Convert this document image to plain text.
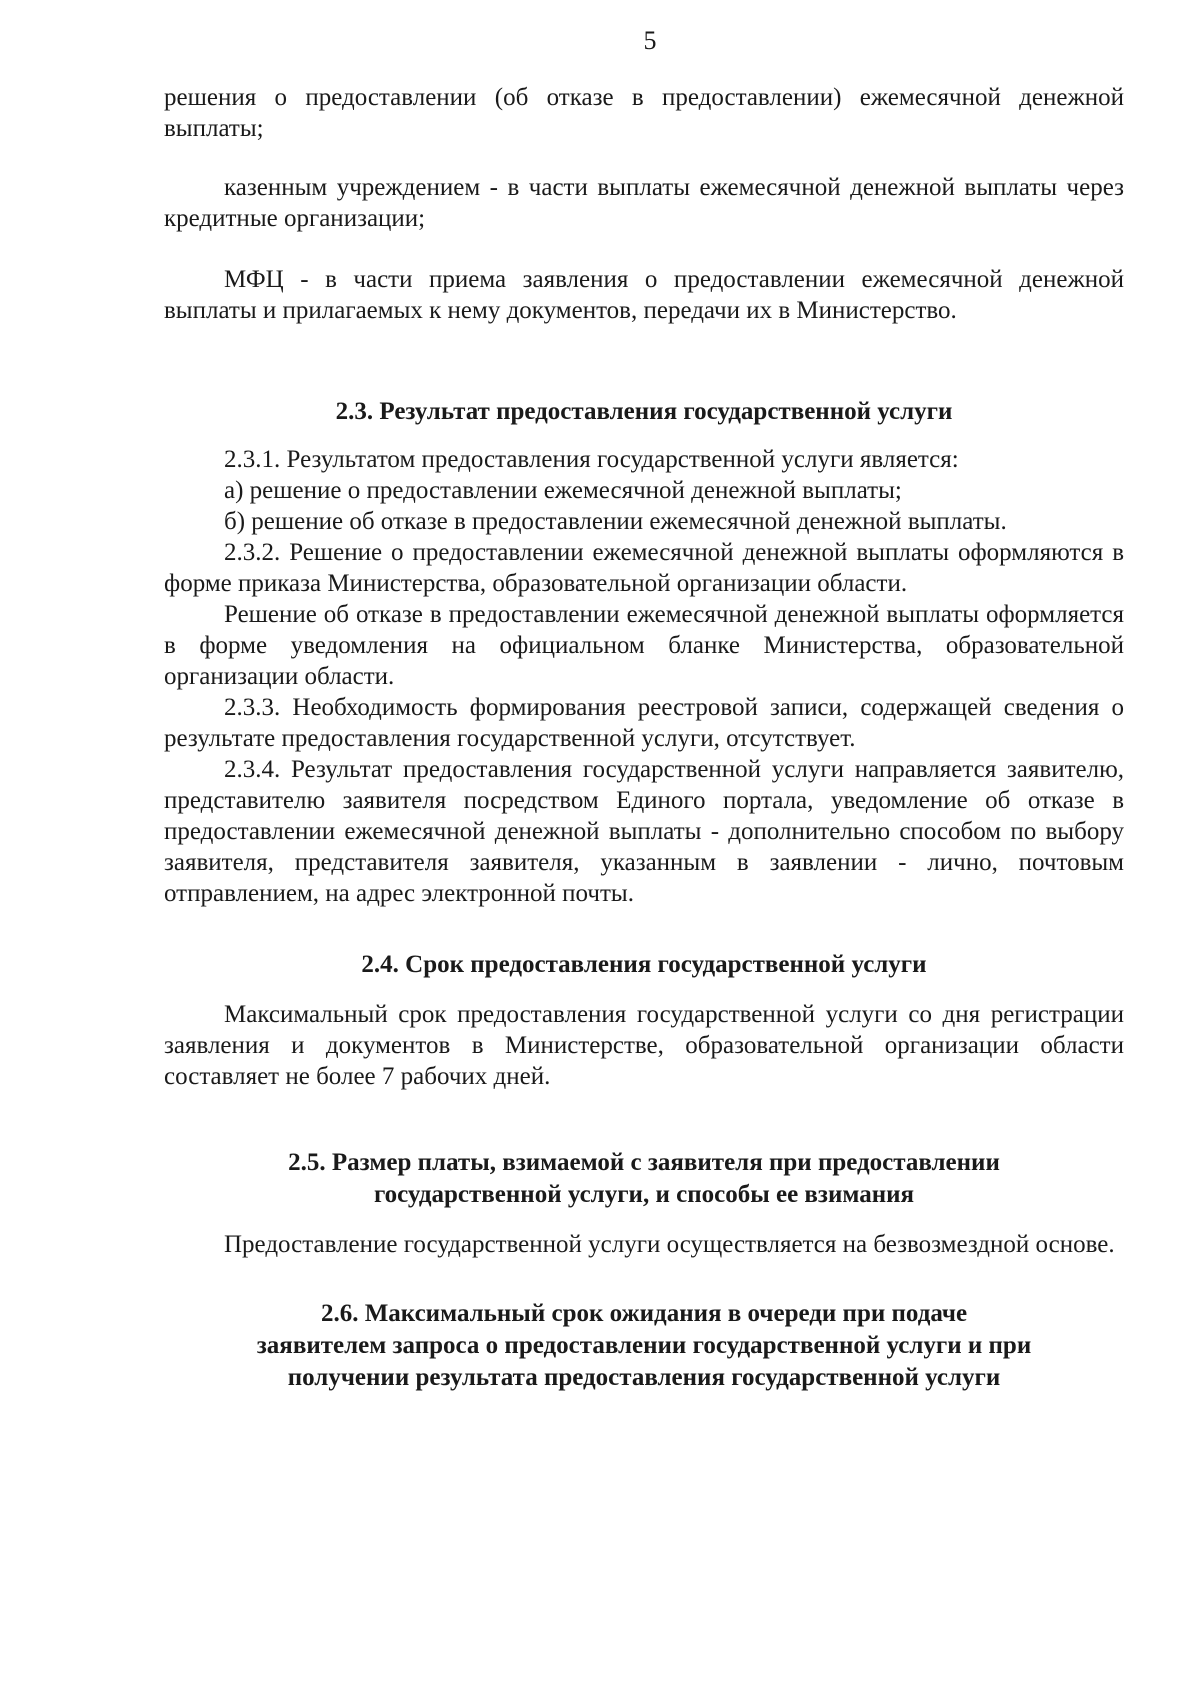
5

решения о предоставлении (об отказе в предоставлении) ежемесячной денежной выплаты;

казенным учреждением - в части выплаты ежемесячной денежной выплаты через кредитные организации;

МФЦ - в части приема заявления о предоставлении ежемесячной денежной выплаты и прилагаемых к нему документов, передачи их в Министерство.

2.3. Результат предоставления государственной услуги

2.3.1. Результатом предоставления государственной услуги является:

а) решение о предоставлении ежемесячной денежной выплаты;

б) решение об отказе в предоставлении ежемесячной денежной выплаты.

2.3.2. Решение о предоставлении ежемесячной денежной выплаты оформляются в форме приказа Министерства, образовательной организации области.

Решение об отказе в предоставлении ежемесячной денежной выплаты оформляется в форме уведомления на официальном бланке Министерства, образовательной организации области.

2.3.3. Необходимость формирования реестровой записи, содержащей сведения о результате предоставления государственной услуги, отсутствует.

2.3.4. Результат предоставления государственной услуги направляется заявителю, представителю заявителя посредством Единого портала, уведомление об отказе в предоставлении ежемесячной денежной выплаты - дополнительно способом по выбору заявителя, представителя заявителя, указанным в заявлении - лично, почтовым отправлением, на адрес электронной почты.

2.4. Срок предоставления государственной услуги

Максимальный срок предоставления государственной услуги со дня регистрации заявления и документов в Министерстве, образовательной организации области составляет не более 7 рабочих дней.

2.5. Размер платы, взимаемой с заявителя при предоставлении
государственной услуги, и способы ее взимания

Предоставление государственной услуги осуществляется на безвозмездной основе.

2.6. Максимальный срок ожидания в очереди при подаче
заявителем запроса о предоставлении государственной услуги и при
получении результата предоставления государственной услуги
